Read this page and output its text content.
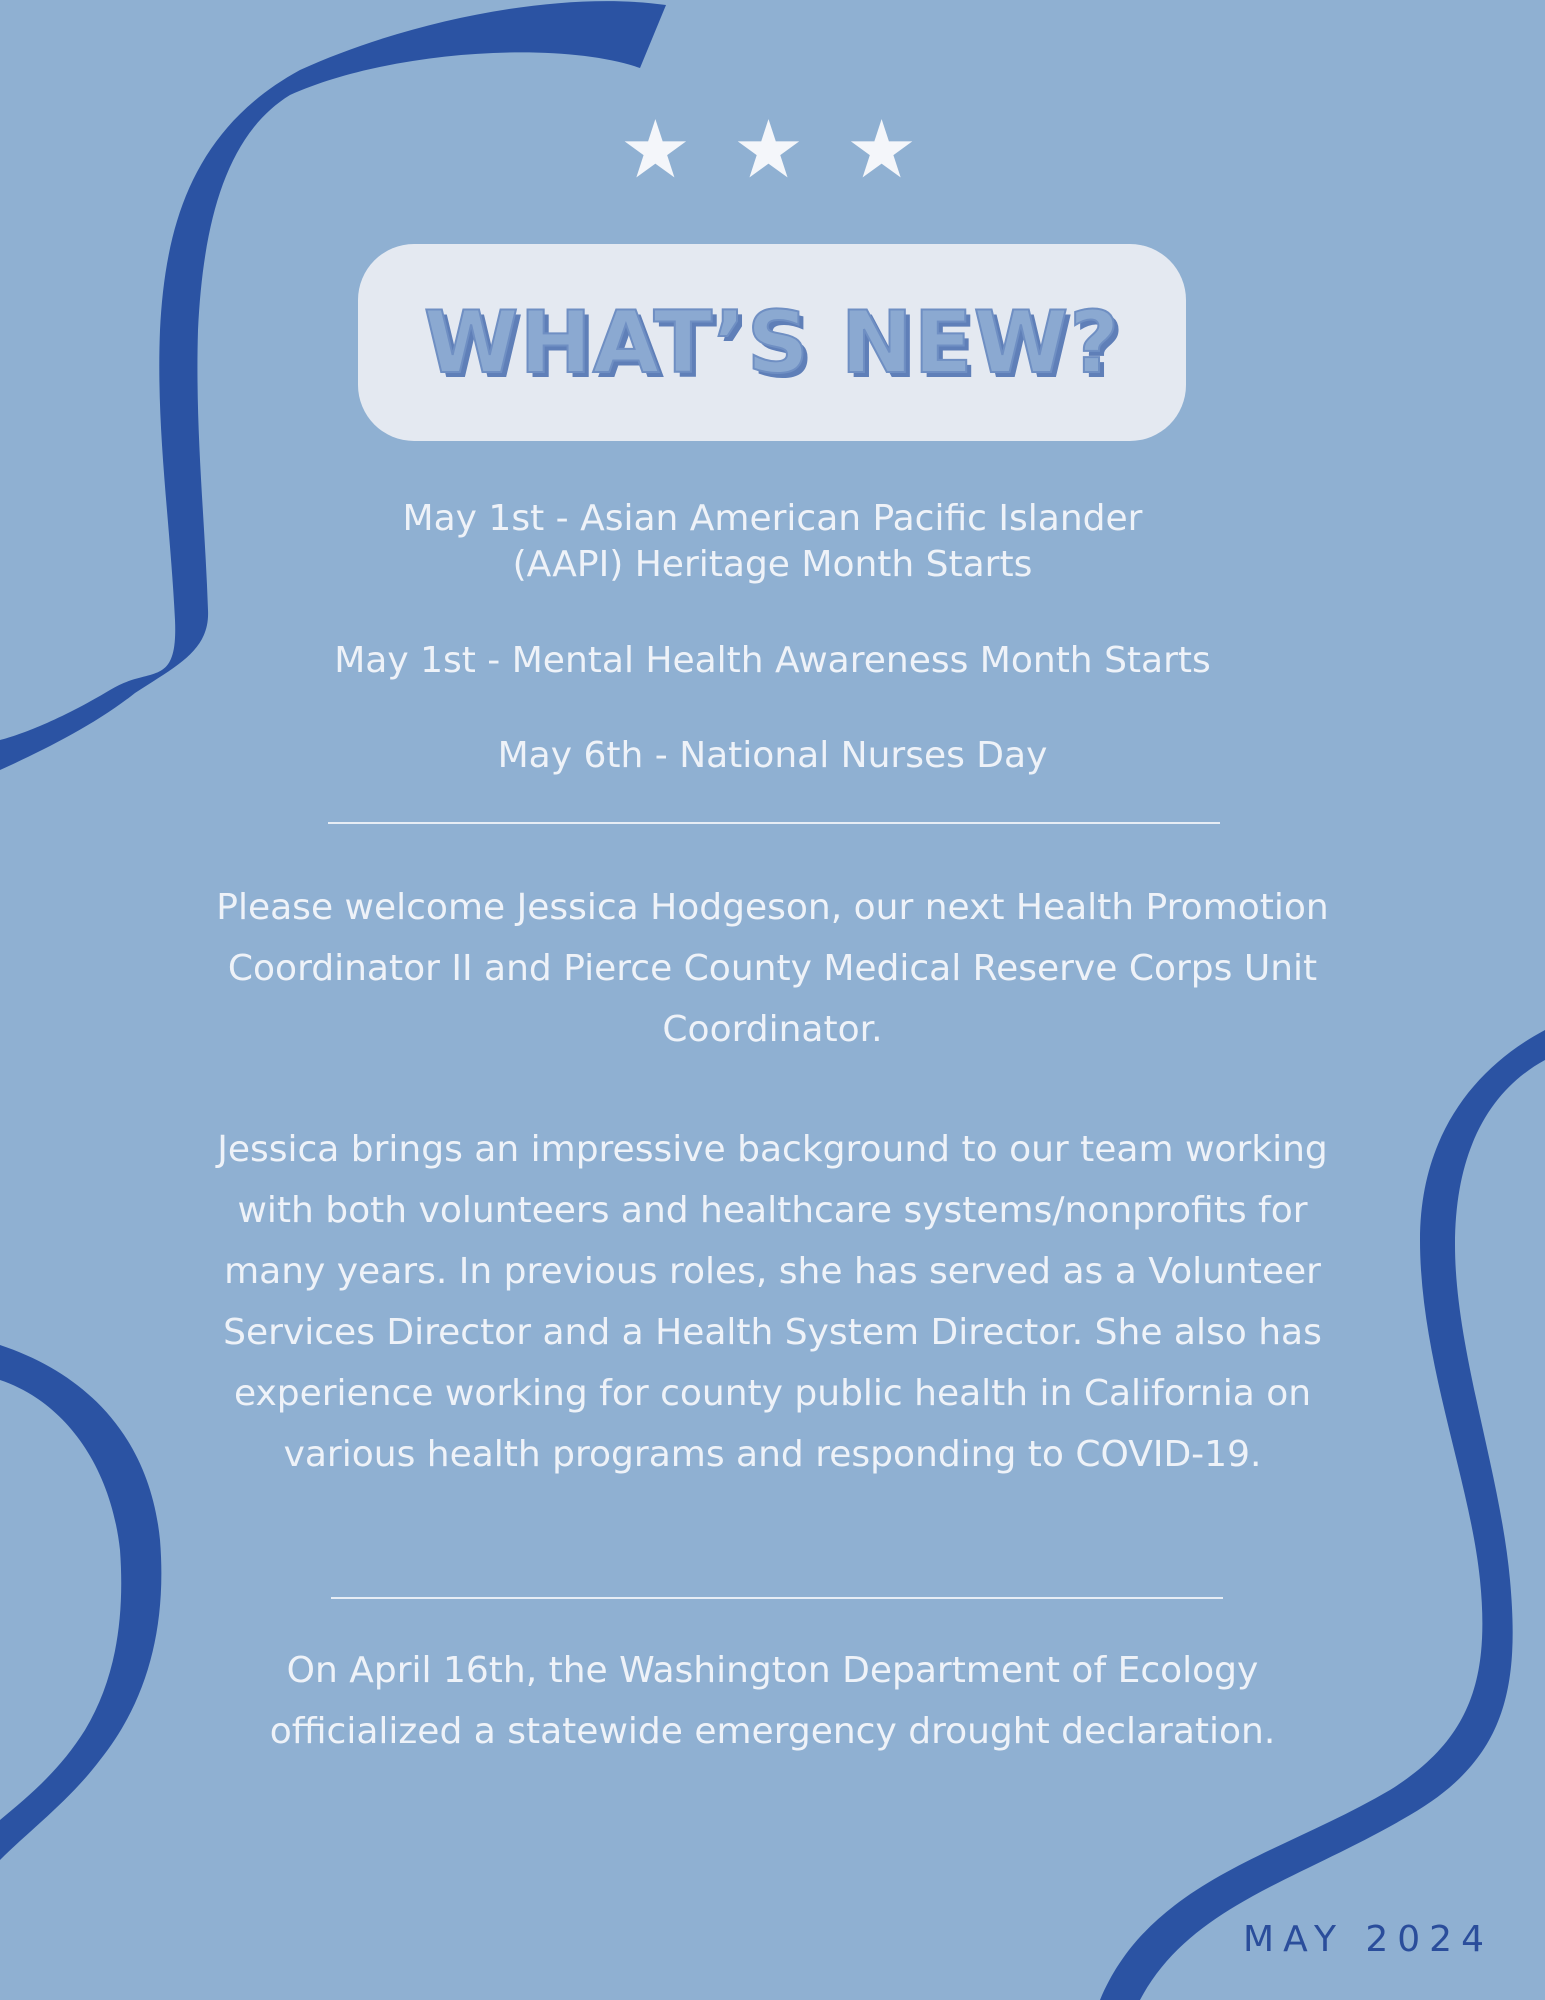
★ ★ ★
WHAT’S NEW?
May 1st - Asian American Pacific Islander
(AAPI) Heritage Month Starts
May 1st - Mental Health Awareness Month Starts
May 6th - National Nurses Day
Please welcome Jessica Hodgeson, our next Health Promotion Coordinator II and Pierce County Medical Reserve Corps Unit Coordinator.
Jessica brings an impressive background to our team working with both volunteers and healthcare systems/nonprofits for many years. In previous roles, she has served as a Volunteer Services Director and a Health System Director. She also has experience working for county public health in California on various health programs and responding to COVID-19.
On April 16th, the Washington Department of Ecology officialized a statewide emergency drought declaration.
MAY 2024
